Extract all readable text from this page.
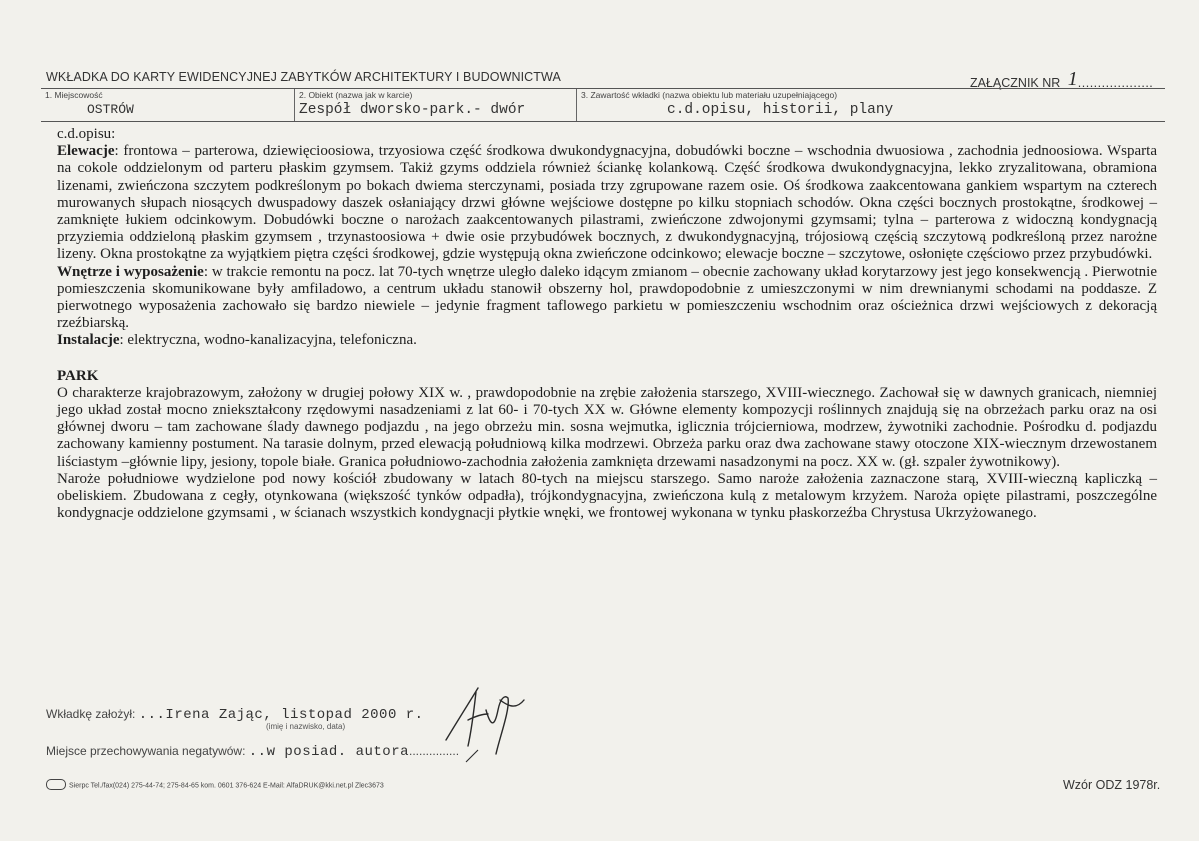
WKŁADKA DO KARTY EWIDENCYJNEJ ZABYTKÓW ARCHITEKTURY I BUDOWNICTWA	ZAŁĄCZNIK NR 1...................
1. Miejscowość
OSTRÓW
2. Obiekt (nazwa jak w karcie)
Zespół dworsko-park.- dwór
3. Zawartość wkładki (nazwa obiektu lub materiału uzupełniającego)
c.d.opisu, historii, plany

c.d.opisu:

Elewacje: frontowa – parterowa, dziewięcioosiowa, trzyosiowa część środkowa dwukondygnacyjna, dobudówki boczne – wschodnia dwuosiowa , zachodnia jednoosiowa. Wsparta na cokole oddzielonym od parteru płaskim gzymsem. Takiż gzyms oddziela również ściankę kolankową. Część środkowa dwukondygnacyjna, lekko zryzalitowana, obramiona lizenami, zwieńczona szczytem podkreślonym po bokach dwiema sterczynami, posiada trzy zgrupowane razem osie. Oś środkowa zaakcentowana gankiem wspartym na czterech murowanych słupach niosących dwuspadowy daszek osłaniający drzwi główne wejściowe dostępne po kilku stopniach schodów. Okna części bocznych prostokątne, środkowej – zamknięte łukiem odcinkowym. Dobudówki boczne o narożach zaakcentowanych pilastrami, zwieńczone zdwojonymi gzymsami; tylna – parterowa z widoczną kondygnacją przyziemia oddzieloną płaskim gzymsem , trzynastoosiowa + dwie osie przybudówek bocznych, z dwukondygnacyjną, trójosiową częścią szczytową podkreśloną przez narożne lizeny. Okna prostokątne za wyjątkiem piętra części środkowej, gdzie występują okna zwieńczone odcinkowo; elewacje boczne – szczytowe, osłonięte częściowo przez przybudówki.

Wnętrze i wyposażenie: w trakcie remontu na pocz. lat 70-tych wnętrze uległo daleko idącym zmianom – obecnie zachowany układ korytarzowy jest jego konsekwencją . Pierwotnie pomieszczenia skomunikowane były amfiladowo, a centrum układu stanowił obszerny hol, prawdopodobnie z umieszczonymi w nim drewnianymi schodami na poddasze. Z pierwotnego wyposażenia zachowało się bardzo niewiele – jedynie fragment taflowego parkietu w pomieszczeniu wschodnim oraz ościeżnica drzwi wejściowych z dekoracją rzeźbiarską.

Instalacje: elektryczna, wodno-kanalizacyjna, telefoniczna.

PARK

O charakterze krajobrazowym, założony w drugiej połowy XIX w. , prawdopodobnie na zrębie założenia starszego, XVIII-wiecznego. Zachował się w dawnych granicach, niemniej jego układ został mocno zniekształcony rzędowymi nasadzeniami z lat 60- i 70-tych XX w. Główne elementy kompozycji roślinnych znajdują się na obrzeżach parku oraz na osi głównej dworu – tam zachowane ślady dawnego podjazdu , na jego obrzeżu min. sosna wejmutka, iglicznia trójcierniowa, modrzew, żywotniki zachodnie. Pośrodku d. podjazdu zachowany kamienny postument. Na tarasie dolnym, przed elewacją południową kilka modrzewi. Obrzeża parku oraz dwa zachowane stawy otoczone XIX-wiecznym drzewostanem liściastym –głównie lipy, jesiony, topole białe. Granica południowo-zachodnia założenia zamknięta drzewami nasadzonymi na pocz. XX w. (gł. szpaler żywotnikowy).

Naroże południowe wydzielone pod nowy kościół zbudowany w latach 80-tych na miejscu starszego. Samo naroże założenia zaznaczone starą, XVIII-wieczną kapliczką – obeliskiem. Zbudowana z cegły, otynkowana (większość tynków odpadła), trójkondygnacyjna, zwieńczona kulą z metalowym krzyżem. Naroża opięte pilastrami, poszczególne kondygnacje oddzielone gzymsami , w ścianach wszystkich kondygnacji płytkie wnęki, we frontowej wykonana w tynku płaskorzeźba Chrystusa Ukrzyżowanego.

Wkładkę założył: ...Irena Zając, listopad 2000 r.
(imię i nazwisko, data)
Miejsce przechowywania negatywów: ..w posiad. autora...............
Sierpc Tel./fax(024) 275-44-74; 275-84-65 kom. 0601 376-624 E-Mail: AlfaDRUK@kki.net.pl Zlec3673	Wzór ODZ 1978r.
